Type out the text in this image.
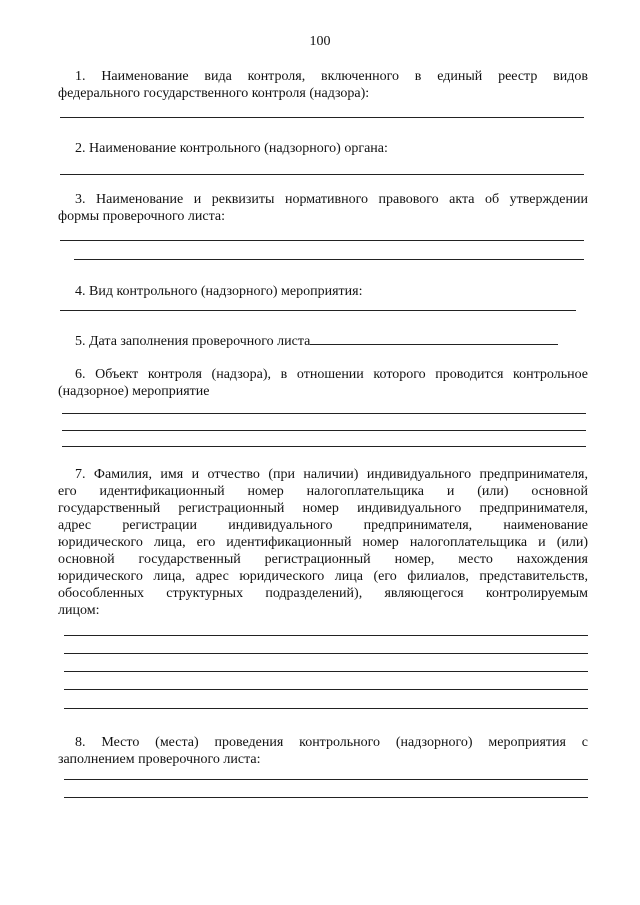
100
1. Наименование вида контроля, включенного в единый реестр видов
федерального государственного контроля (надзора):
2. Наименование контрольного (надзорного) органа:
3. Наименование и реквизиты нормативного правового акта об утверждении
формы проверочного листа:
4. Вид контрольного (надзорного) мероприятия:
5. Дата заполнения проверочного листа
6. Объект контроля (надзора), в отношении которого проводится контрольное
(надзорное) мероприятие
7. Фамилия, имя и отчество (при наличии) индивидуального предпринимателя,
его идентификационный номер налогоплательщика и (или) основной
государственный регистрационный номер индивидуального предпринимателя,
адрес регистрации индивидуального предпринимателя, наименование
юридического лица, его идентификационный номер налогоплательщика и (или)
основной государственный регистрационный номер, место нахождения
юридического лица, адрес юридического лица (его филиалов, представительств,
обособленных структурных подразделений), являющегося контролируемым
лицом:
8. Место (места) проведения контрольного (надзорного) мероприятия с
заполнением проверочного листа:
